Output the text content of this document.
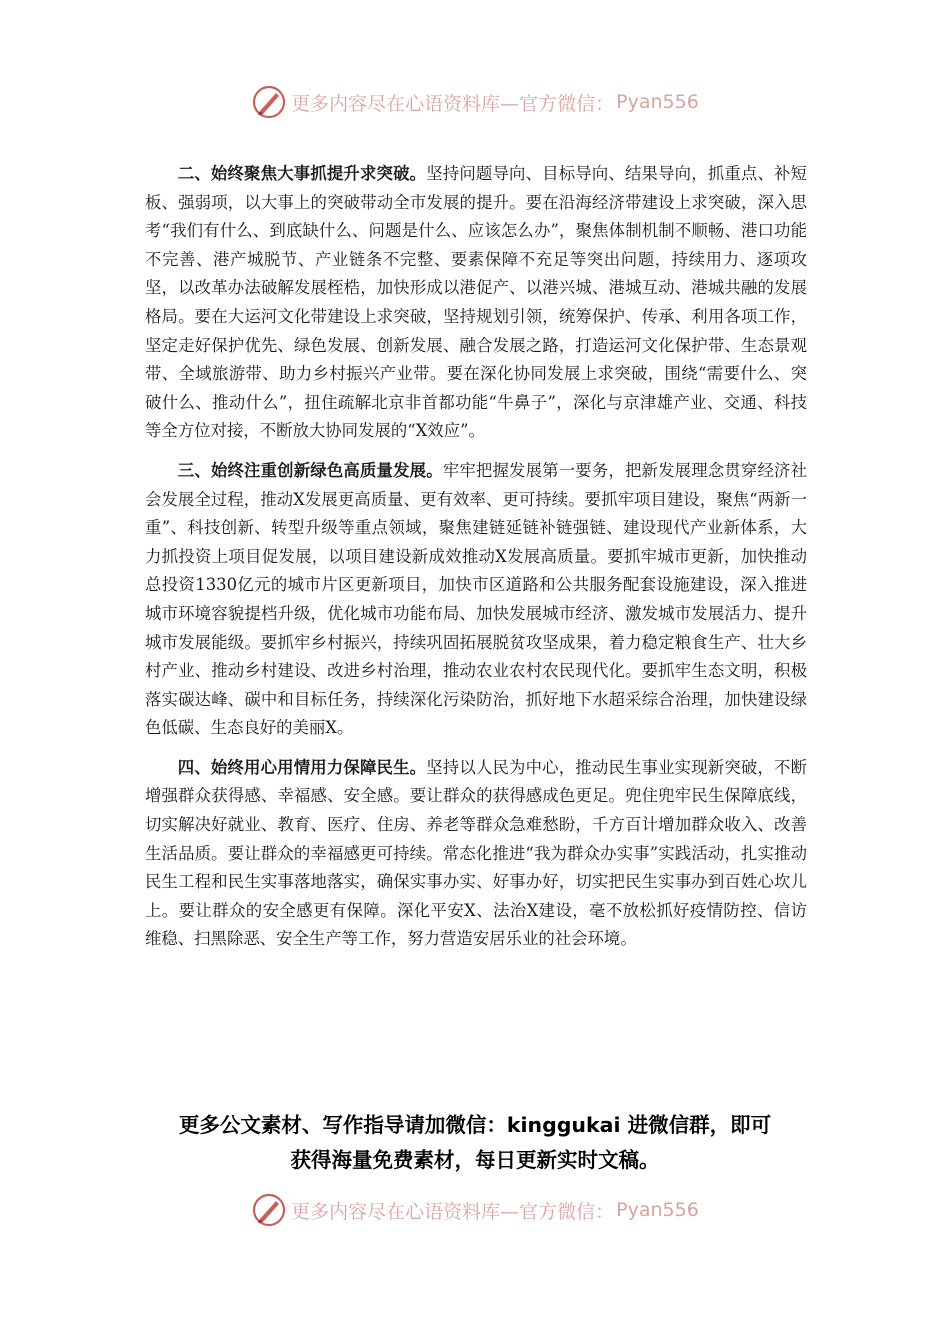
更多内容尽在心语资料库—官方微信： Pyan556

二、始终聚焦大事抓提升求突破。坚持问题导向、目标导向、结果导向，抓重点、补短板、强弱项，以大事上的突破带动全市发展的提升。要在沿海经济带建设上求突破，深入思考“我们有什么、到底缺什么、问题是什么、应该怎么办”，聚焦体制机制不顺畅、港口功能不完善、港产城脱节、产业链条不完整、要素保障不充足等突出问题，持续用力、逐项攻坚，以改革办法破解发展桎梏，加快形成以港促产、以港兴城、港城互动、港城共融的发展格局。要在大运河文化带建设上求突破，坚持规划引领，统筹保护、传承、利用各项工作，坚定走好保护优先、绿色发展、创新发展、融合发展之路，打造运河文化保护带、生态景观带、全域旅游带、助力乡村振兴产业带。要在深化协同发展上求突破，围绕“需要什么、突破什么、推动什么”，扭住疏解北京非首都功能“牛鼻子”，深化与京津雄产业、交通、科技等全方位对接，不断放大协同发展的“X效应”。

三、始终注重创新绿色高质量发展。牢牢把握发展第一要务，把新发展理念贯穿经济社会发展全过程，推动X发展更高质量、更有效率、更可持续。要抓牢项目建设，聚焦“两新一重”、科技创新、转型升级等重点领域，聚焦建链延链补链强链、建设现代产业新体系，大力抓投资上项目促发展，以项目建设新成效推动X发展高质量。要抓牢城市更新，加快推动总投资1330亿元的城市片区更新项目，加快市区道路和公共服务配套设施建设，深入推进城市环境容貌提档升级，优化城市功能布局、加快发展城市经济、激发城市发展活力、提升城市发展能级。要抓牢乡村振兴，持续巩固拓展脱贫攻坚成果，着力稳定粮食生产、壮大乡村产业、推动乡村建设、改进乡村治理，推动农业农村农民现代化。要抓牢生态文明，积极落实碳达峰、碳中和目标任务，持续深化污染防治，抓好地下水超采综合治理，加快建设绿色低碳、生态良好的美丽X。

四、始终用心用情用力保障民生。坚持以人民为中心，推动民生事业实现新突破，不断增强群众获得感、幸福感、安全感。要让群众的获得感成色更足。兜住兜牢民生保障底线，切实解决好就业、教育、医疗、住房、养老等群众急难愁盼，千方百计增加群众收入、改善生活品质。要让群众的幸福感更可持续。常态化推进“我为群众办实事”实践活动，扎实推动民生工程和民生实事落地落实，确保实事办实、好事办好，切实把民生实事办到百姓心坎儿上。要让群众的安全感更有保障。深化平安X、法治X建设，毫不放松抓好疫情防控、信访维稳、扫黑除恶、安全生产等工作，努力营造安居乐业的社会环境。

更多公文素材、写作指导请加微信：kinggukai 进微信群，即可
获得海量免费素材，每日更新实时文稿。
更多内容尽在心语资料库—官方微信： Pyan556
